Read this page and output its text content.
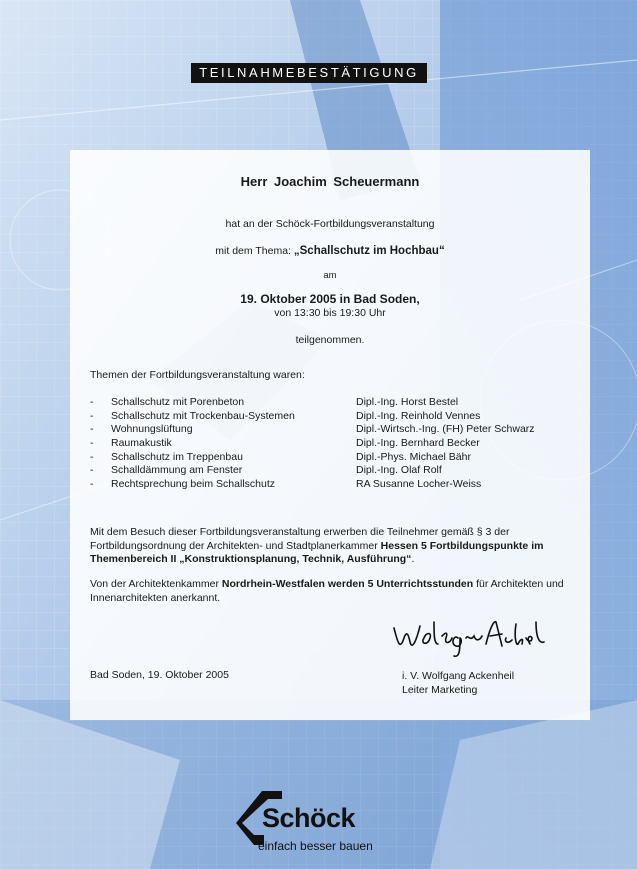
TEILNAHMEBESTÄTIGUNG
Herr Joachim Scheuermann
hat an der Schöck-Fortbildungsveranstaltung
mit dem Thema: „Schallschutz im Hochbau“
am
19. Oktober 2005 in Bad Soden,
von 13:30 bis 19:30 Uhr
teilgenommen.
Themen der Fortbildungsveranstaltung waren:
-	Schallschutz mit Porenbeton	Dipl.-Ing. Horst Bestel
-	Schallschutz mit Trockenbau-Systemen	Dipl.-Ing. Reinhold Vennes
-	Wohnungslüftung	Dipl.-Wirtsch.-Ing. (FH) Peter Schwarz
-	Raumakustik	Dipl.-Ing. Bernhard Becker
-	Schallschutz im Treppenbau	Dipl.-Phys. Michael Bähr
-	Schalldämmung am Fenster	Dipl.-Ing. Olaf Rolf
-	Rechtsprechung beim Schallschutz	RA Susanne Locher-Weiss
Mit dem Besuch dieser Fortbildungsveranstaltung erwerben die Teilnehmer gemäß § 3 der Fortbildungsordnung der Architekten- und Stadtplanerkammer Hessen 5 Fortbildungspunkte im Themenbereich II „Konstruktionsplanung, Technik, Ausführung“.
Von der Architektenkammer Nordrhein-Westfalen werden 5 Unterrichtsstunden für Architekten und Innenarchitekten anerkannt.
Bad Soden, 19. Oktober 2005	i. V. Wolfgang Ackenheil
Leiter Marketing
Schöck
einfach besser bauen
